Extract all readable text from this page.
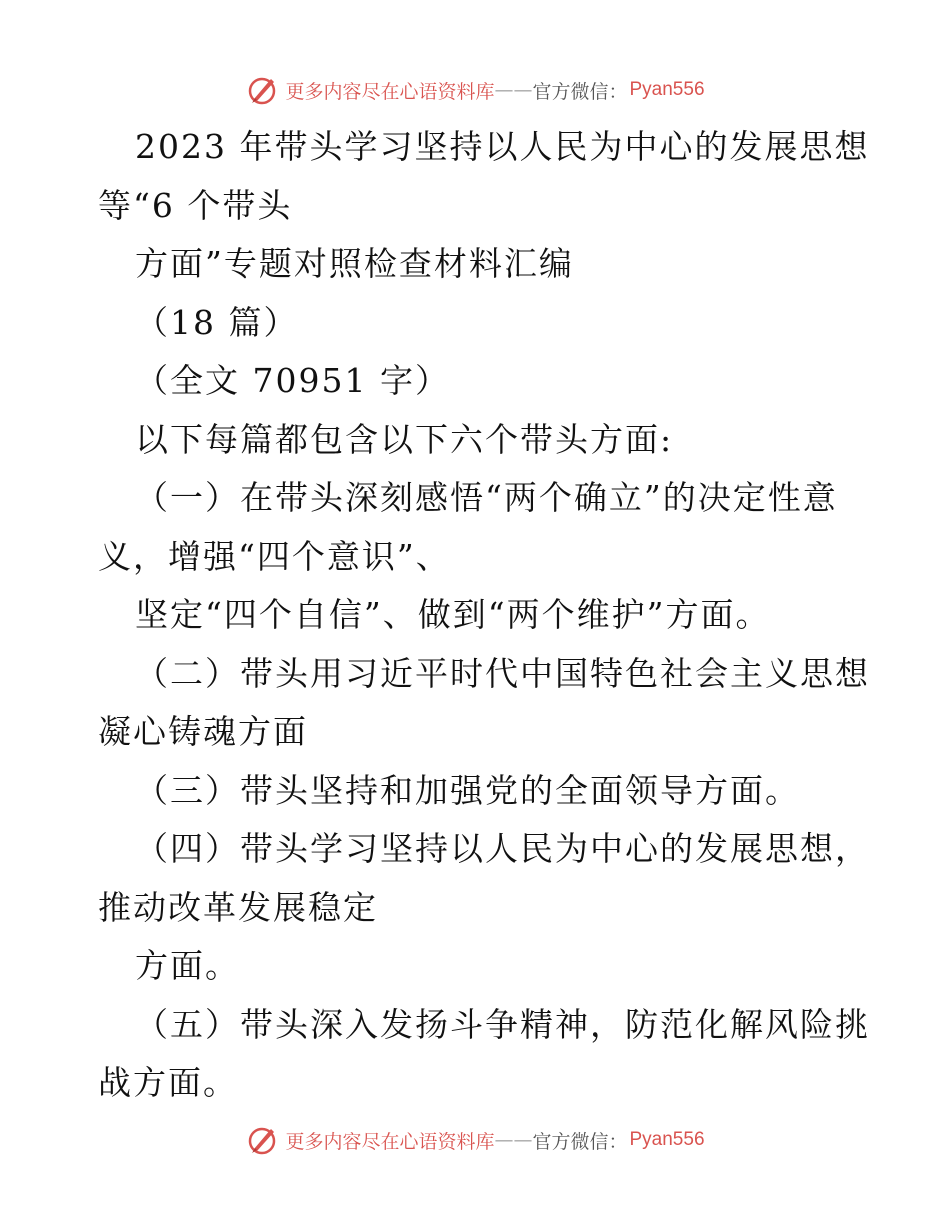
更多内容尽在心语资料库 —— 官方微信： Pyan556
2023 年带头学习坚持以人民为中心的发展思想
等“6 个带头
方面”专题对照检查材料汇编
（18 篇）
（全文 70951 字）
以下每篇都包含以下六个带头方面:
（一）在带头深刻感悟“两个确立”的决定性意
义，增强“四个意识”、
坚定“四个自信”、做到“两个维护”方面。
（二）带头用习近平时代中国特色社会主义思想
凝心铸魂方面
（三）带头坚持和加强党的全面领导方面。
（四）带头学习坚持以人民为中心的发展思想，
推动改革发展稳定
方面。
（五）带头深入发扬斗争精神，防范化解风险挑
战方面。
更多内容尽在心语资料库 —— 官方微信： Pyan556
